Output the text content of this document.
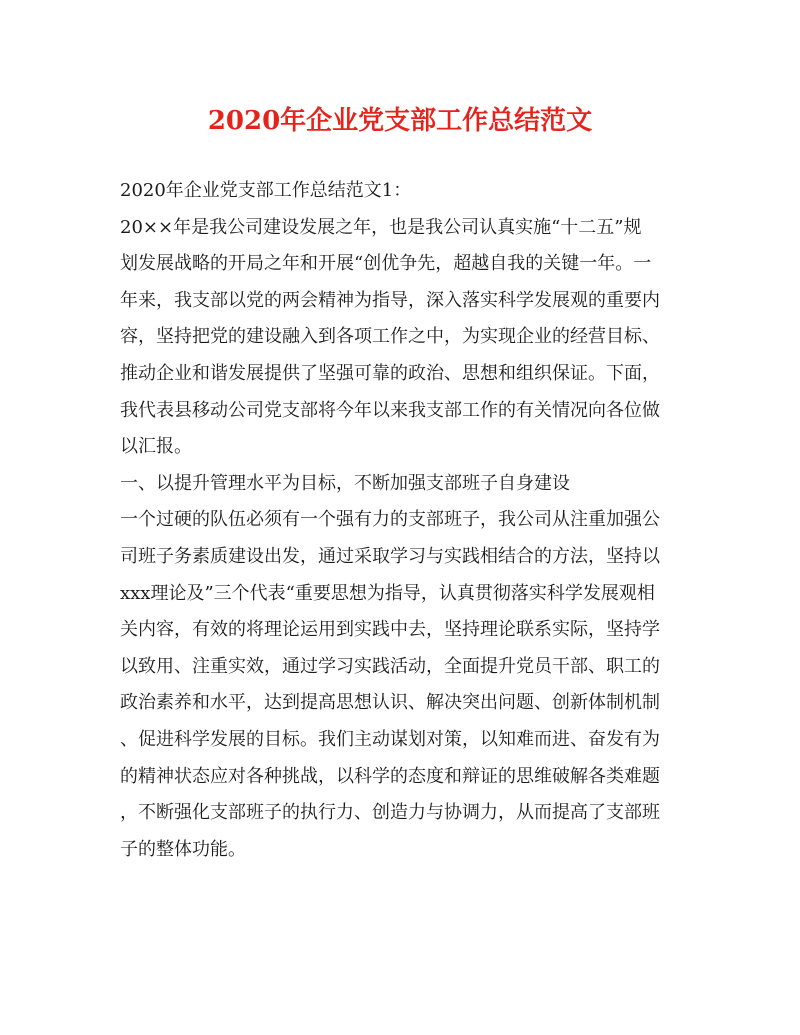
2020年企业党支部工作总结范文
2020年企业党支部工作总结范文1：
20××年是我公司建设发展之年，也是我公司认真实施“十二五”规
划发展战略的开局之年和开展“创优争先，超越自我的关键一年。一
年来，我支部以党的两会精神为指导，深入落实科学发展观的重要内
容，坚持把党的建设融入到各项工作之中，为实现企业的经营目标、
推动企业和谐发展提供了坚强可靠的政治、思想和组织保证。下面，
我代表县移动公司党支部将今年以来我支部工作的有关情况向各位做
以汇报。
一、以提升管理水平为目标，不断加强支部班子自身建设
一个过硬的队伍必须有一个强有力的支部班子，我公司从注重加强公
司班子务素质建设出发，通过采取学习与实践相结合的方法，坚持以
xxx理论及”三个代表“重要思想为指导，认真贯彻落实科学发展观相
关内容，有效的将理论运用到实践中去，坚持理论联系实际，坚持学
以致用、注重实效，通过学习实践活动，全面提升党员干部、职工的
政治素养和水平，达到提高思想认识、解决突出问题、创新体制机制
、促进科学发展的目标。我们主动谋划对策，以知难而进、奋发有为
的精神状态应对各种挑战，以科学的态度和辩证的思维破解各类难题
，不断强化支部班子的执行力、创造力与协调力，从而提高了支部班
子的整体功能。
